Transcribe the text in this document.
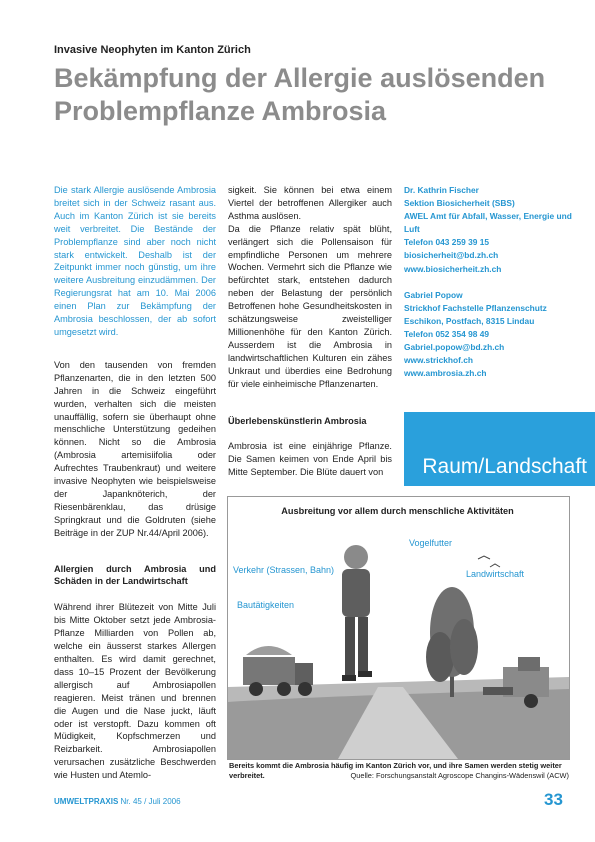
Invasive Neophyten im Kanton Zürich
Bekämpfung der Allergie auslösenden Problempflanze Ambrosia
Die stark Allergie auslösende Ambrosia breitet sich in der Schweiz rasant aus. Auch im Kanton Zürich ist sie bereits weit verbreitet. Die Bestände der Problempflanze sind aber noch nicht stark entwickelt. Deshalb ist der Zeitpunkt immer noch günstig, um ihre weitere Ausbreitung einzudämmen. Der Regierungsrat hat am 10. Mai 2006 einen Plan zur Bekämpfung der Ambrosia beschlossen, der ab sofort umgesetzt wird.
Von den tausenden von fremden Pflanzenarten, die in den letzten 500 Jahren in die Schweiz eingeführt wurden, verhalten sich die meisten unauffällig, sofern sie überhaupt ohne menschliche Unterstützung gedeihen können. Nicht so die Ambrosia (Ambrosia artemisiifolia oder Aufrechtes Traubenkraut) und weitere invasive Neophyten wie beispielsweise der Japanknöterich, der Riesenbärenklau, das drüsige Springkraut und die Goldruten (siehe Beiträge in der ZUP Nr.44/April 2006).
Allergien durch Ambrosia und Schäden in der Landwirtschaft
Während ihrer Blütezeit von Mitte Juli bis Mitte Oktober setzt jede Ambrosia-Pflanze Milliarden von Pollen ab, welche ein äusserst starkes Allergen enthalten. Es wird damit gerechnet, dass 10–15 Prozent der Bevölkerung allergisch auf Ambrosiapollen reagieren. Meist tränen und brennen die Augen und die Nase juckt, läuft oder ist verstopft. Dazu kommen oft Müdigkeit, Kopfschmerzen und Reizbarkeit. Ambrosiapollen verursachen zusätzliche Beschwerden wie Husten und Atemlo-
sigkeit. Sie können bei etwa einem Viertel der betroffenen Allergiker auch Asthma auslösen.
Da die Pflanze relativ spät blüht, verlängert sich die Pollensaison für empfindliche Personen um mehrere Wochen. Vermehrt sich die Pflanze wie befürchtet stark, entstehen dadurch neben der Belastung der persönlich Betroffenen hohe Gesundheitskosten in schätzungsweise zweistelliger Millionenhöhe für den Kanton Zürich. Ausserdem ist die Ambrosia in landwirtschaftlichen Kulturen ein zähes Unkraut und überdies eine Bedrohung für viele einheimische Pflanzenarten.
Überlebenskünstlerin Ambrosia
Ambrosia ist eine einjährige Pflanze. Die Samen keimen von Ende April bis Mitte September. Die Blüte dauert von
Dr. Kathrin Fischer
Sektion Biosicherheit (SBS)
AWEL Amt für Abfall, Wasser, Energie und Luft
Telefon 043 259 39 15
biosicherheit@bd.zh.ch
www.biosicherheit.zh.ch
Gabriel Popow
Strickhof Fachstelle Pflanzenschutz
Eschikon, Postfach, 8315 Lindau
Telefon 052 354 98 49
Gabriel.popow@bd.zh.ch
www.strickhof.ch
www.ambrosia.zh.ch
Raum/Landschaft
Ausbreitung vor allem durch menschliche Aktivitäten
Vogelfutter
Verkehr (Strassen, Bahn)	Landwirtschaft
Bautätigkeiten
Bereits kommt die Ambrosia häufig im Kanton Zürich vor, und ihre Samen werden stetig weiter verbreitet.	Quelle: Forschungsanstalt Agroscope Changins-Wädenswil (ACW)
UMWELTPRAXIS Nr. 45 / Juli 2006	33
